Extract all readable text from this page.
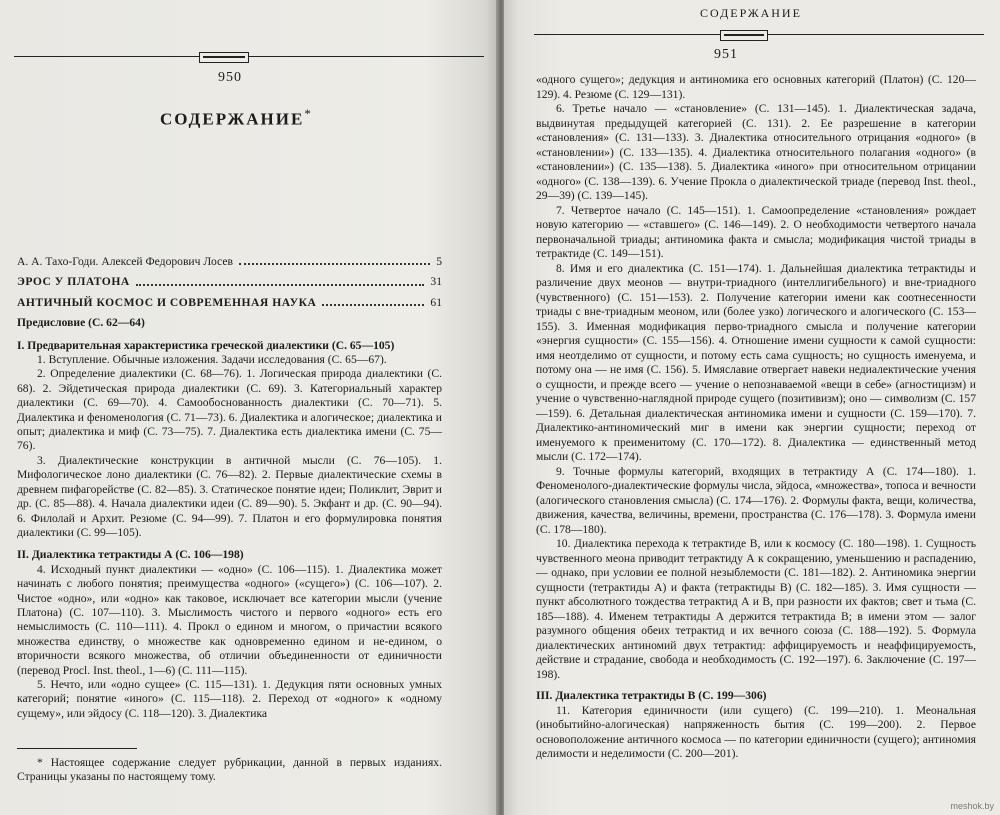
950
СОДЕРЖАНИЕ*
А. А. Тахо-Годи. Алексей Федорович Лосев	5
ЭРОС У ПЛАТОНА	31
АНТИЧНЫЙ КОСМОС И СОВРЕМЕННАЯ НАУКА	61

Предисловие (С. 62—64)

I. Предварительная характеристика греческой диалектики (С. 65—105)

1. Вступление. Обычные изложения. Задачи исследования (С. 65—67).

2. Определение диалектики (С. 68—76). 1. Логическая природа диалектики (С. 68). 2. Эйдетическая природа диалектики (С. 69). 3. Категориальный характер диалектики (С. 69—70). 4. Самообоснованность диалектики (С. 70—71). 5. Диалектика и феноменология (С. 71—73). 6. Диалектика и алогическое; диалектика и опыт; диалектика и миф (С. 73—75). 7. Диалектика есть диалектика имени (С. 75—76).

3. Диалектические конструкции в античной мысли (С. 76—105). 1. Мифологическое лоно диалектики (С. 76—82). 2. Первые диалектические схемы в древнем пифагорействе (С. 82—85). 3. Статическое понятие идеи; Поликлит, Эврит и др. (С. 85—88). 4. Начала диалектики идеи (С. 89—90). 5. Экфант и др. (С. 90—94). 6. Филолай и Архит. Резюме (С. 94—99). 7. Платон и его формулировка понятия диалектики (С. 99—105).

II. Диалектика тетрактиды А (С. 106—198)

4. Исходный пункт диалектики — «одно» (С. 106—115). 1. Диалектика может начинать с любого понятия; преимущества «одного» («сущего») (С. 106—107). 2. Чистое «одно», или «одно» как таковое, исключает все категории мысли (учение Платона) (С. 107—110). 3. Мыслимость чистого и первого «одного» есть его немыслимость (С. 110—111). 4. Прокл о едином и многом, о причастии всякого множества единству, о множестве как одновременно едином и не-едином, о вторичности всякого множества, об отличии объединенности от единичности (перевод Procl. Inst. theol., 1—6) (С. 111—115).

5. Нечто, или «одно сущее» (С. 115—131). 1. Дедукция пяти основных умных категорий; понятие «иного» (С. 115—118). 2. Переход от «одного» к «одному сущему», или эйдосу (С. 118—120). 3. Диалектика

* Настоящее содержание следует рубрикации, данной в первых изданиях. Страницы указаны по настоящему тому.

СОДЕРЖАНИЕ
951

«одного сущего»; дедукция и антиномика его основных категорий (Платон) (С. 120—129). 4. Резюме (С. 129—131).

6. Третье начало — «становление» (С. 131—145). 1. Диалектическая задача, выдвинутая предыдущей категорией (С. 131). 2. Ее разрешение в категории «становления» (С. 131—133). 3. Диалектика относительного отрицания «одного» (в «становлении») (С. 133—135). 4. Диалектика относительного полагания «одного» (в «становлении») (С. 135—138). 5. Диалектика «иного» при относительном отрицании «одного» (С. 138—139). 6. Учение Прокла о диалектической триаде (перевод Inst. theol., 29—39) (С. 139—145).

7. Четвертое начало (С. 145—151). 1. Самоопределение «становления» рождает новую категорию — «ставшего» (С. 146—149). 2. О необходимости четвертого начала первоначальной триады; антиномика факта и смысла; модификация чистой триады в тетрактиде (С. 149—151).

8. Имя и его диалектика (С. 151—174). 1. Дальнейшая диалектика тетрактиды и различение двух меонов — внутри-триадного (интеллигибельного) и вне-триадного (чувственного) (С. 151—153). 2. Получение категории имени как соотнесенности триады с вне-триадным меоном, или (более узко) логического и алогического (С. 153—155). 3. Именная модификация перво-триадного смысла и получение категории «энергия сущности» (С. 155—156). 4. Отношение имени сущности к самой сущности: имя неотделимо от сущности, и потому есть сама сущность; но сущность именуема, и потому она — не имя (С. 156). 5. Имяславие отвергает навеки недиалектические учения о сущности, и прежде всего — учение о непознаваемой «вещи в себе» (агностицизм) и учение о чувственно-наглядной природе сущего (позитивизм); оно — символизм (С. 157—159). 6. Детальная диалектическая антиномика имени и сущности (С. 159—170). 7. Диалектико-антиномический миг в имени как энергии сущности; переход от именуемого к преименитому (С. 170—172). 8. Диалектика — единственный метод мысли (С. 172—174).

9. Точные формулы категорий, входящих в тетрактиду А (С. 174—180). 1. Феноменолого-диалектические формулы числа, эйдоса, «множества», топоса и вечности (алогического становления смысла) (С. 174—176). 2. Формулы факта, вещи, количества, движения, качества, величины, времени, пространства (С. 176—178). 3. Формула имени (С. 178—180).

10. Диалектика перехода к тетрактиде В, или к космосу (С. 180—198). 1. Сущность чувственного меона приводит тетрактиду А к сокращению, уменьшению и распадению, — однако, при условии ее полной незыблемости (С. 181—182). 2. Антиномика энергии сущности (тетрактиды А) и факта (тетрактиды В) (С. 182—185). 3. Имя сущности — пункт абсолютного тождества тетрактид А и В, при разности их фактов; свет и тьма (С. 185—188). 4. Именем тетрактиды А держится тетрактида В; в имени этом — залог разумного общения обеих тетрактид и их вечного союза (С. 188—192). 5. Формула диалектических антиномий двух тетрактид: аффицируемость и неаффицируемость, действие и страдание, свобода и необходимость (С. 192—197). 6. Заключение (С. 197—198).

III. Диалектика тетрактиды В (С. 199—306)

11. Категория единичности (или сущего) (С. 199—210). 1. Меональная (инобытийно-алогическая) напряженность бытия (С. 199—200). 2. Первое основоположение античного космоса — по категории единичности (сущего); антиномия делимости и неделимости (С. 200—201).

meshok.by
